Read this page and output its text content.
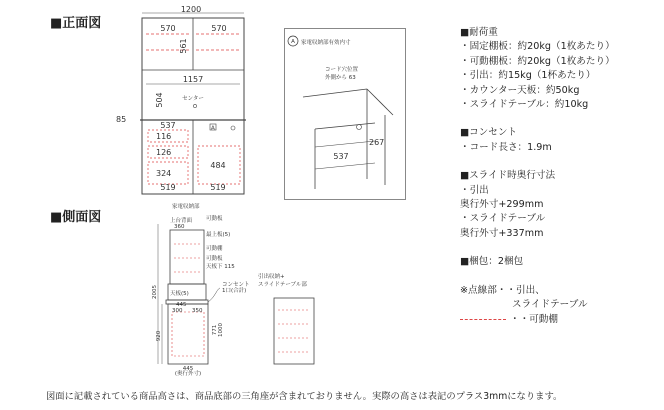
■正面図
1200
570	570
561
1157
504	センター
85
537
116
126
324
519
A
484
519
A 家電収納部有効内寸
コード穴位置
外側から 63
267
537
■側面図
家電収納部
上台背面
360
可動板
最上板(5)
可動棚
可動板
天板下 115
天板(5)
コンセント
1口(合計)
2005
920
771 1000
445
(奥行外寸)
300 350
445
引出収納+
スライドテーブル部
■耐荷重
・固定棚板：約20kg（1枚あたり）
・可動棚板：約20kg（1枚あたり）
・引出：約15kg（1杯あたり）
・カウンター天板：約50kg
・スライドテーブル：約10kg
■コンセント
・コード長さ：1.9m
■スライド時奥行寸法
・引出
奥行外寸+299mm
・スライドテーブル
奥行外寸+337mm
■梱包：2梱包
※点線部・・引出、
スライドテーブル
・・可動棚
図面に記載されている商品高さは、商品底部の三角座が含まれておりません。実際の高さは表記のプラス3mmになります。
